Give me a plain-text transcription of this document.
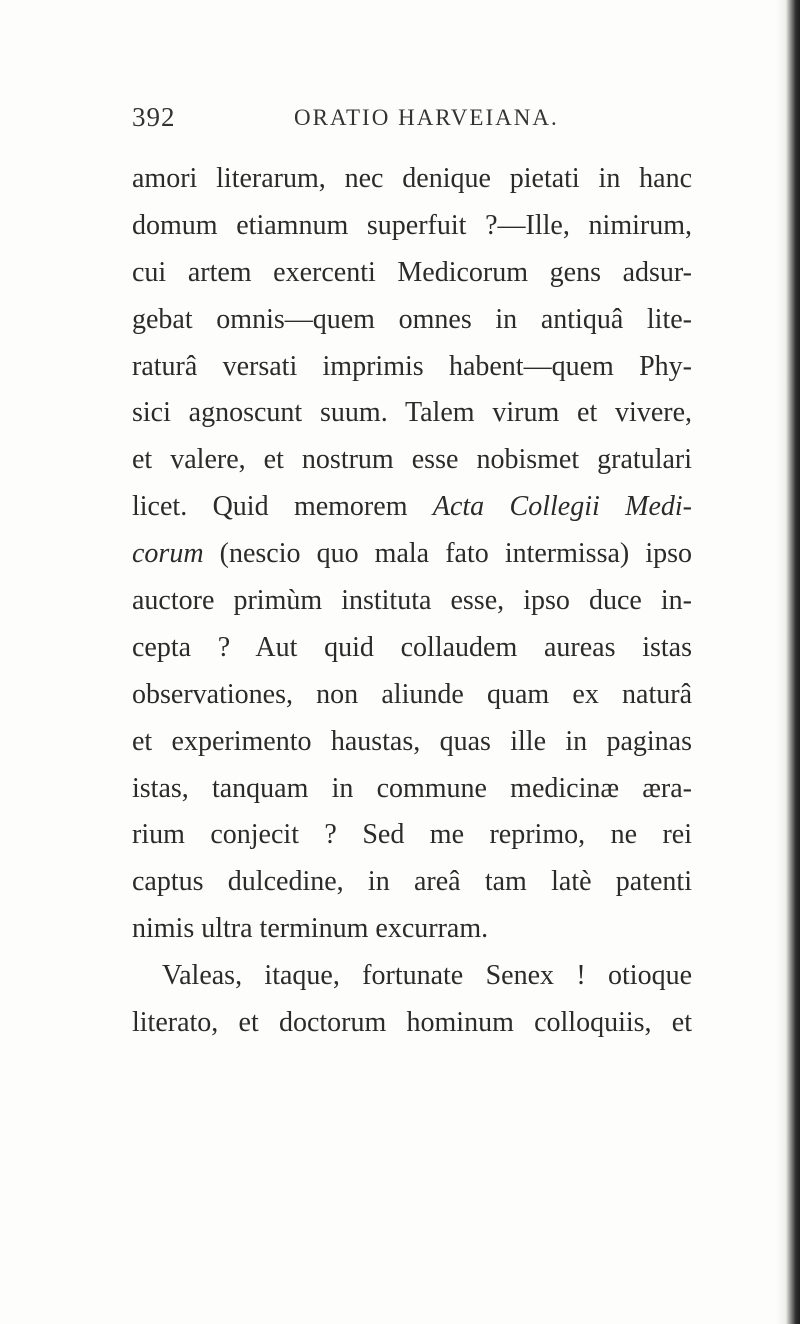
392	ORATIO HARVEIANA.
amori literarum, nec denique pietati in hanc
domum etiamnum superfuit ?—Ille, nimirum,
cui artem exercenti Medicorum gens adsur-
gebat omnis—quem omnes in antiquâ lite-
raturâ versati imprimis habent—quem Phy-
sici agnoscunt suum. Talem virum et vivere,
et valere, et nostrum esse nobismet gratulari
licet. Quid memorem Acta Collegii Medi-
corum (nescio quo mala fato intermissa) ipso
auctore primùm instituta esse, ipso duce in-
cepta ? Aut quid collaudem aureas istas
observationes, non aliunde quam ex naturâ
et experimento haustas, quas ille in paginas
istas, tanquam in commune medicinæ æra-
rium conjecit ? Sed me reprimo, ne rei
captus dulcedine, in areâ tam latè patenti
nimis ultra terminum excurram.
Valeas, itaque, fortunate Senex ! otioque
literato, et doctorum hominum colloquiis, et
